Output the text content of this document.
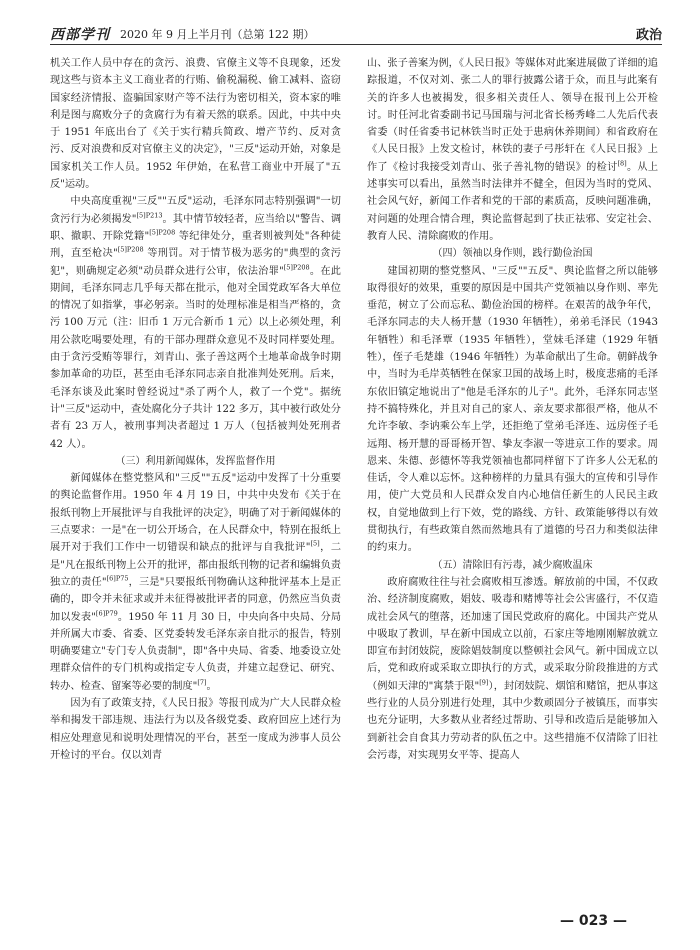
西部学刊 2020 年 9 月上半月刊（总第 122 期）	政治

机关工作人员中存在的贪污、浪费、官僚主义等不良现象，还发现这些与资本主义工商业者的行贿、偷税漏税、偷工减料、盗窃国家经济情报、盗骗国家财产等不法行为密切相关，资本家的唯利是图与腐败分子的贪腐行为有着天然的联系。因此，中共中央于 1951 年底出台了《关于实行精兵简政、增产节约、反对贪污、反对浪费和反对官僚主义的决定》，"三反"运动开始，对象是国家机关工作人员。1952 年伊始，在私营工商业中开展了"五反"运动。

中央高度重视"三反""五反"运动，毛泽东同志特别强调"一切贪污行为必须揭发"$^{[5]P213}$。其中情节较轻者，应当给以"警告、调职、撤职、开除党籍"$^{[5]P208}$ 等纪律处分，重者则被判处"各种徒刑，直至枪决"$^{[5]P208}$ 等刑罚。对于情节极为恶劣的"典型的贪污犯"，则确规定必须"动员群众进行公审，依法治罪"$^{[5]P208}$。在此期间，毛泽东同志几乎每天都在批示，他对全国党政军各大单位的情况了如指掌，事必躬亲。当时的处理标准是相当严格的，贪污 100 万元（注：旧币 1 万元合新币 1 元）以上必须处理，利用公款吃喝要处理，有的干部办理群众意见不及时同样要处理。由于贪污受贿等罪行，刘青山、张子善这两个土地革命战争时期参加革命的功臣，甚至由毛泽东同志亲自批准判处死刑。后来，毛泽东谈及此案时曾经说过"杀了两个人，救了一个党"。据统计"三反"运动中，查处腐化分子共计 122 多万，其中被行政处分者有 23 万人，被刑事判决者超过 1 万人（包括被判处死刑者 42 人）。

（三）利用新闻媒体，发挥监督作用

新闻媒体在整党整风和"三反""五反"运动中发挥了十分重要的舆论监督作用。1950 年 4 月 19 日，中共中央发布《关于在报纸刊物上开展批评与自我批评的决定》，明确了对于新闻媒体的三点要求：一是"在一切公开场合，在人民群众中，特别在报纸上展开对于我们工作中一切错误和缺点的批评与自我批评"[5]，二是"凡在报纸刊物上公开的批评，都由报纸刊物的记者和编辑负责独立的责任"$^{[6]P75}$，三是"只要报纸刊物确认这种批评基本上是正确的，即令并未征求或并未征得被批评者的同意，仍然应当负责加以发表"$^{[6]P79}$。1950 年 11 月 30 日，中央向各中央局、分局并所属大市委、省委、区党委转发毛泽东亲自批示的报告，特别明确要建立"专门专人负责制"，即"各中央局、省委、地委设立处理群众信件的专门机构或指定专人负责，并建立起登记、研究、转办、检查、留案等必要的制度"[7]。

因为有了政策支持，《人民日报》等报刊成为广大人民群众检举和揭发干部违规、违法行为以及各级党委、政府回应上述行为相应处理意见和说明处理情况的平台，甚至一度成为涉事人员公开检讨的平台。仅以刘青

山、张子善案为例，《人民日报》等媒体对此案进展做了详细的追踪报道，不仅对刘、张二人的罪行披露公诸于众，而且与此案有关的许多人也被揭发，很多相关责任人、领导在报刊上公开检讨。时任河北省委副书记马国瑞与河北省长杨秀峰二人先后代表省委（时任省委书记林铁当时正处于患病休养期间）和省政府在《人民日报》上发文检讨，林铁的妻子弓彤轩在《人民日报》上作了《检讨我接受刘青山、张子善礼物的错误》的检讨[8]。从上述事实可以看出，虽然当时法律并不健全，但因为当时的党风、社会风气好，新闻工作者和党的干部的素质高，反映问题准确，对问题的处理合情合理，舆论监督起到了扶正祛邪、安定社会、教育人民、清除腐败的作用。

（四）领袖以身作则，践行勤俭治国

建国初期的整党整风、"三反""五反"、舆论监督之所以能够取得很好的效果，重要的原因是中国共产党领袖以身作则、率先垂范，树立了公而忘私、勤俭治国的榜样。在艰苦的战争年代，毛泽东同志的夫人杨开慧（1930 年牺牲），弟弟毛泽民（1943 年牺牲）和毛泽覃（1935 年牺牲），堂妹毛泽建（1929 年牺牲），侄子毛楚雄（1946 年牺牲）为革命献出了生命。朝鲜战争中，当时为毛岸英牺牲在保家卫国的战场上时，极度悲痛的毛泽东依旧镇定地说出了"他是毛泽东的儿子"。此外，毛泽东同志坚持不搞特殊化，并且对自己的家人、亲友要求都很严格，他从不允许李敏、李讷乘公车上学，还拒绝了堂弟毛泽连、远房侄子毛远翔、杨开慧的哥哥杨开智、挚友李淑一等进京工作的要求。周恩来、朱德、彭德怀等我党领袖也都同样留下了许多人公无私的佳话，令人难以忘怀。这种榜样的力量具有强大的宣传和引导作用，使广大党员和人民群众发自内心地信任新生的人民民主政权，自觉地做到上行下效，党的路线、方针、政策能够得以有效贯彻执行，有些政策自然而然地具有了道德的号召力和类似法律的约束力。

（五）清除旧有污毒，减少腐败温床

政府腐败往往与社会腐败相互渗透。解放前的中国，不仅政治、经济制度腐败，娼妓、吸毒和赌博等社会公害盛行，不仅造成社会风气的堕落，还加速了国民党政府的腐化。中国共产党从中吸取了教训，早在新中国成立以前，石家庄等地刚刚解放就立即宣布封闭妓院，废除娼妓制度以整顿社会风气。新中国成立以后，党和政府或采取立即执行的方式，或采取分阶段推进的方式（例如天津的"寓禁于限"[9]），封闭妓院、烟馆和赌馆，把从事这些行业的人员分别进行处理，其中少数顽固分子被镇压，而事实也充分证明，大多数从业者经过帮助、引导和改造后是能够加入到新社会自食其力劳动者的队伍之中。这些措施不仅清除了旧社会污毒，对实现男女平等、提高人

— 023 —
